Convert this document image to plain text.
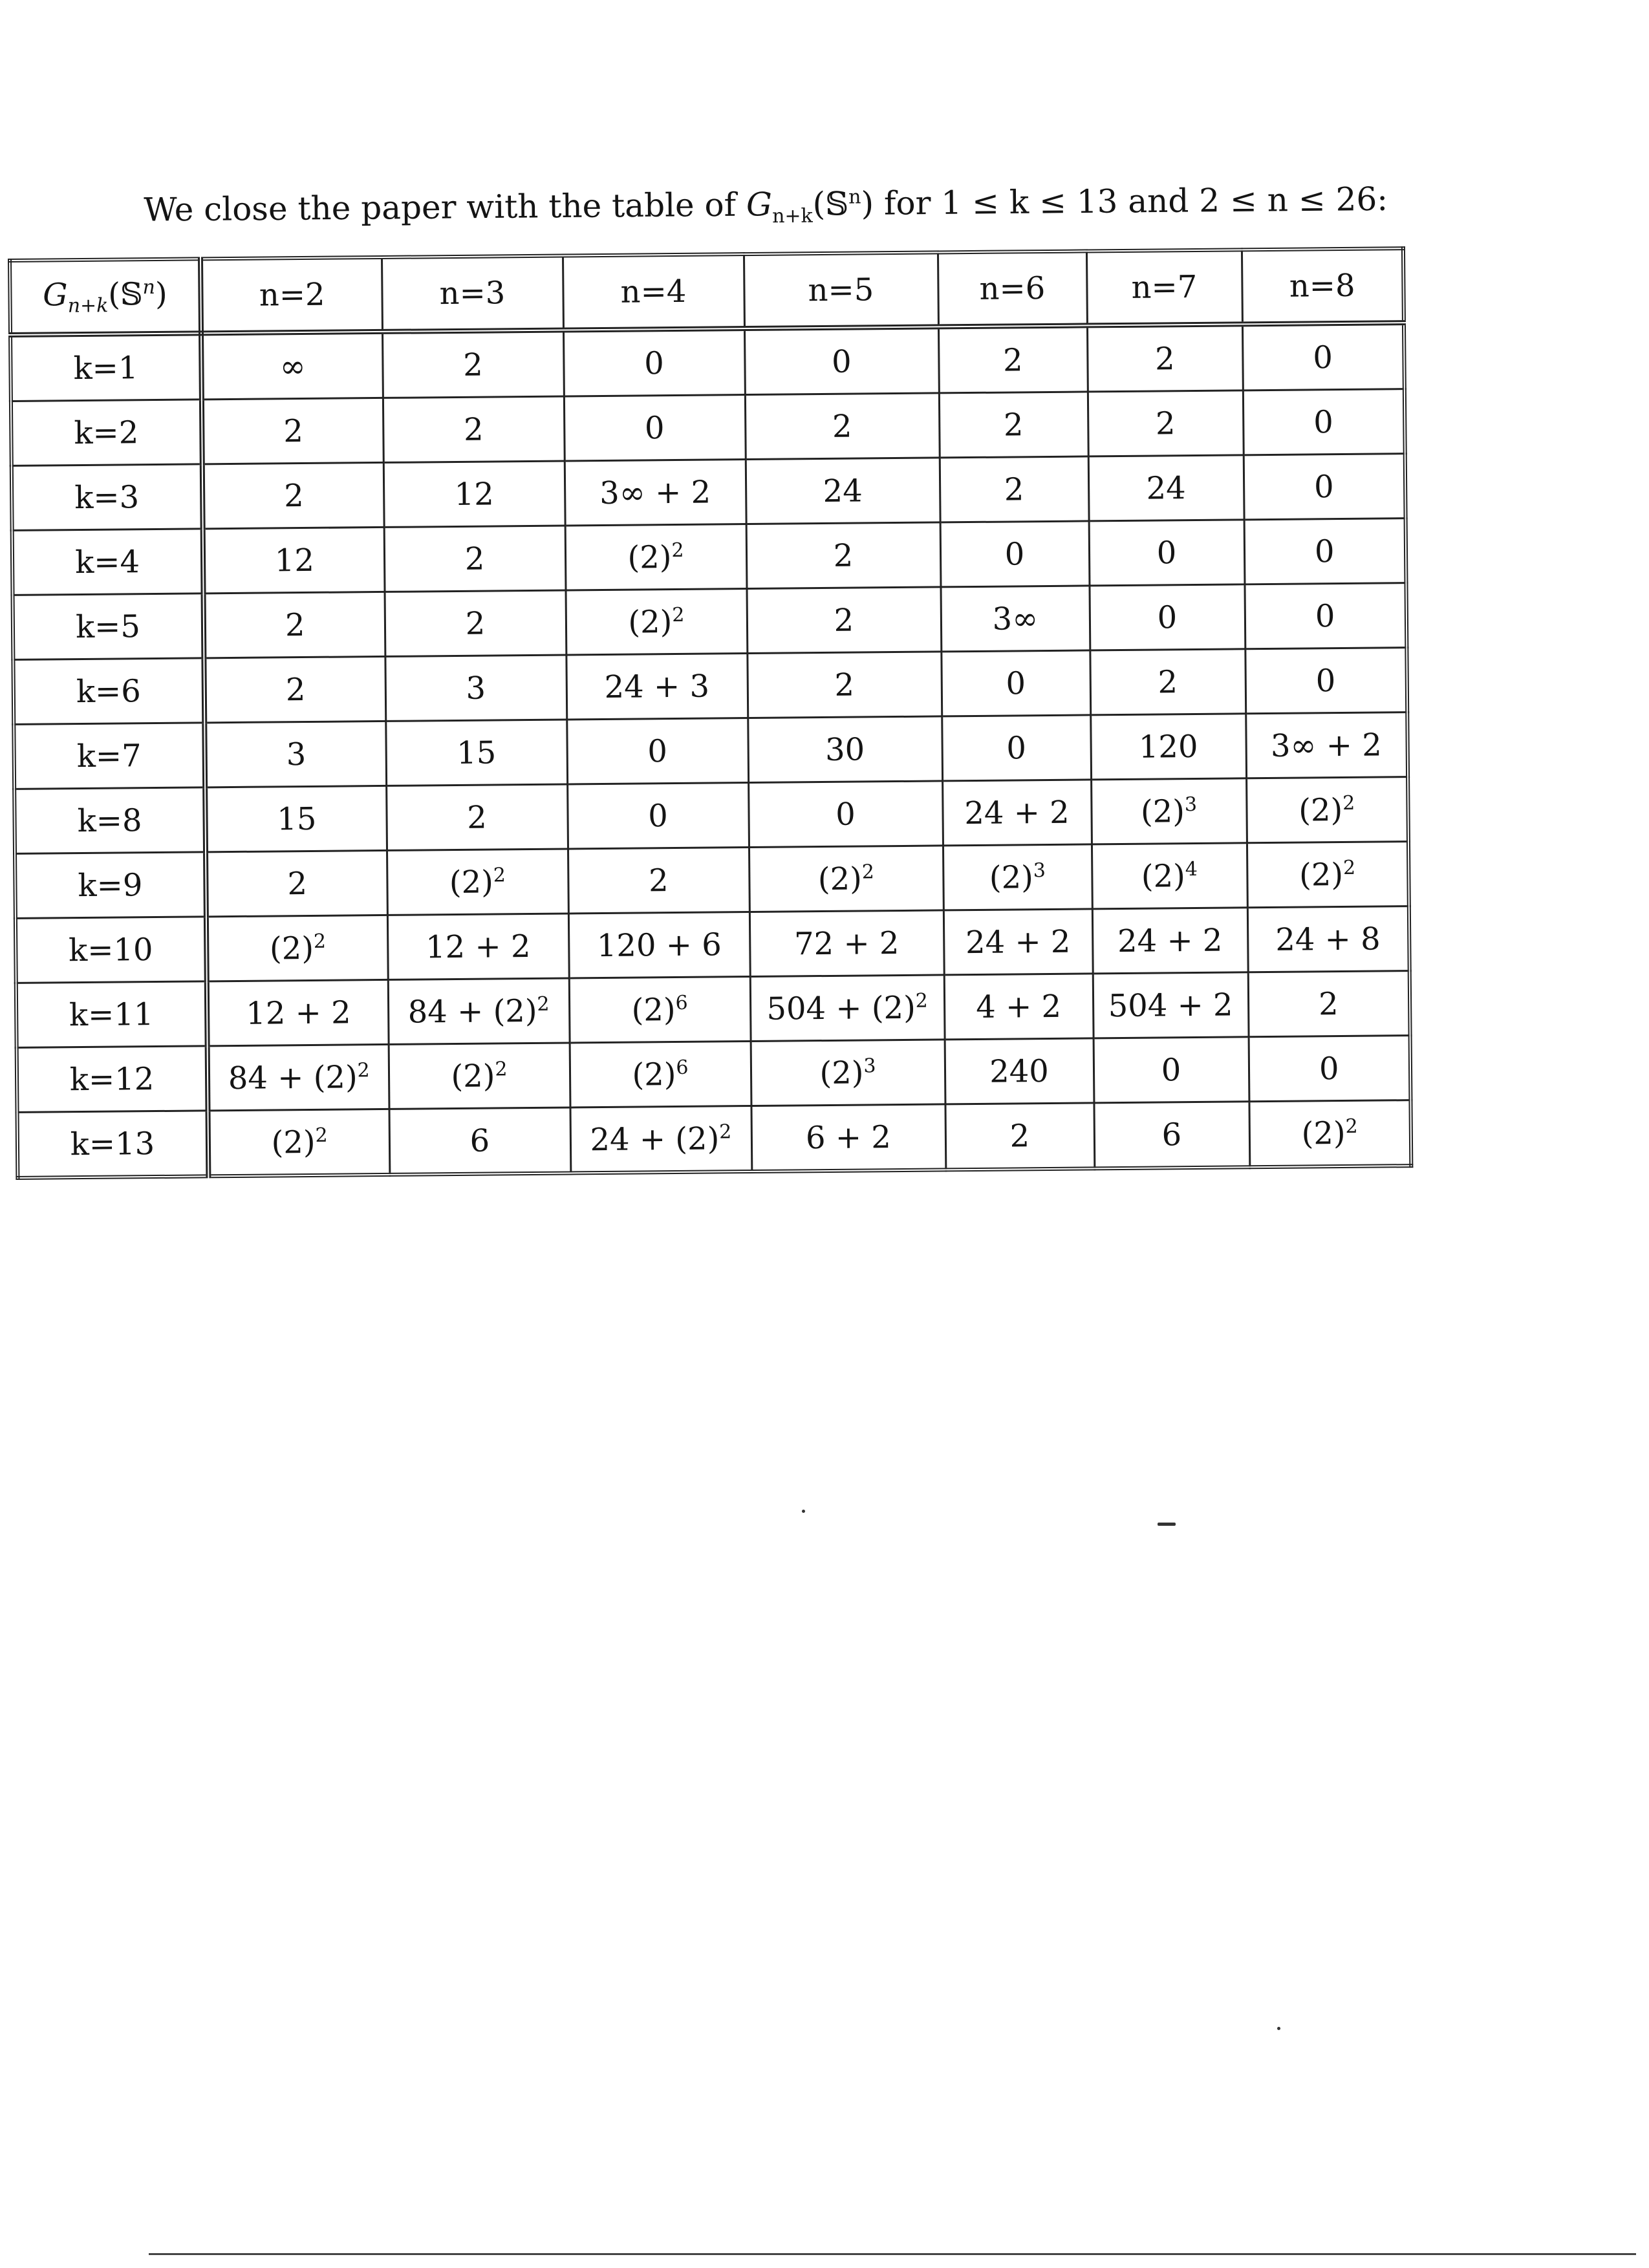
We close the paper with the table of $G_{n+k}(𝕊^n)$ for 1 ≤ k ≤ 13 and 2 ≤ n ≤ 26:
$G_{n+k}(𝕊^n)$	n=2	n=3	n=4	n=5	n=6	n=7	n=8
k=1	∞	2	0	0	2	2	0
k=2	2	2	0	2	2	2	0
k=3	2	12	3∞ + 2	24	2	24	0
k=4	12	2	$(2)^2$	2	0	0	0
k=5	2	2	$(2)^2$	2	3∞	0	0
k=6	2	3	24 + 3	2	0	2	0
k=7	3	15	0	30	0	120	3∞ + 2
k=8	15	2	0	0	24 + 2	$(2)^3$	$(2)^2$
k=9	2	$(2)^2$	2	$(2)^2$	$(2)^3$	$(2)^4$	$(2)^2$
k=10	$(2)^2$	12 + 2	120 + 6	72 + 2	24 + 2	24 + 2	24 + 8
k=11	12 + 2	$84 + (2)^2$	$(2)^6$	$504 + (2)^2$	4 + 2	504 + 2	2
k=12	$84 + (2)^2$	$(2)^2$	$(2)^6$	$(2)^3$	240	0	0
k=13	$(2)^2$	6	$24 + (2)^2$	6 + 2	2	6	$(2)^2$
